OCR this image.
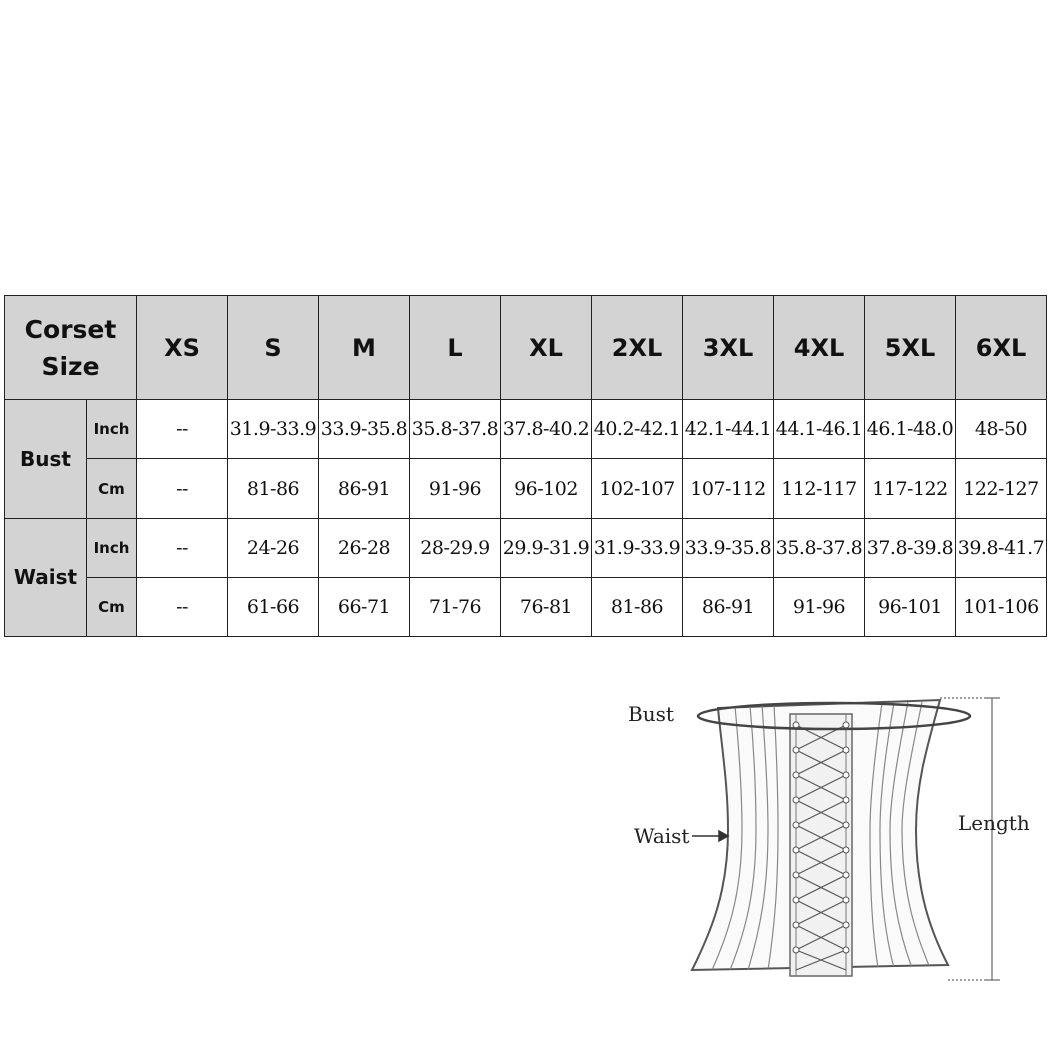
Corset Size		XS	S	M	L	XL	2XL	3XL	4XL	5XL	6XL
Bust	Inch	--	31.9-33.9	33.9-35.8	35.8-37.8	37.8-40.2	40.2-42.1	42.1-44.1	44.1-46.1	46.1-48.0	48-50
	Cm	--	81-86	86-91	91-96	96-102	102-107	107-112	112-117	117-122	122-127
Waist	Inch	--	24-26	26-28	28-29.9	29.9-31.9	31.9-33.9	33.9-35.8	35.8-37.8	37.8-39.8	39.8-41.7
	Cm	--	61-66	66-71	71-76	76-81	81-86	86-91	91-96	96-101	101-106
Bust
Waist
Length
